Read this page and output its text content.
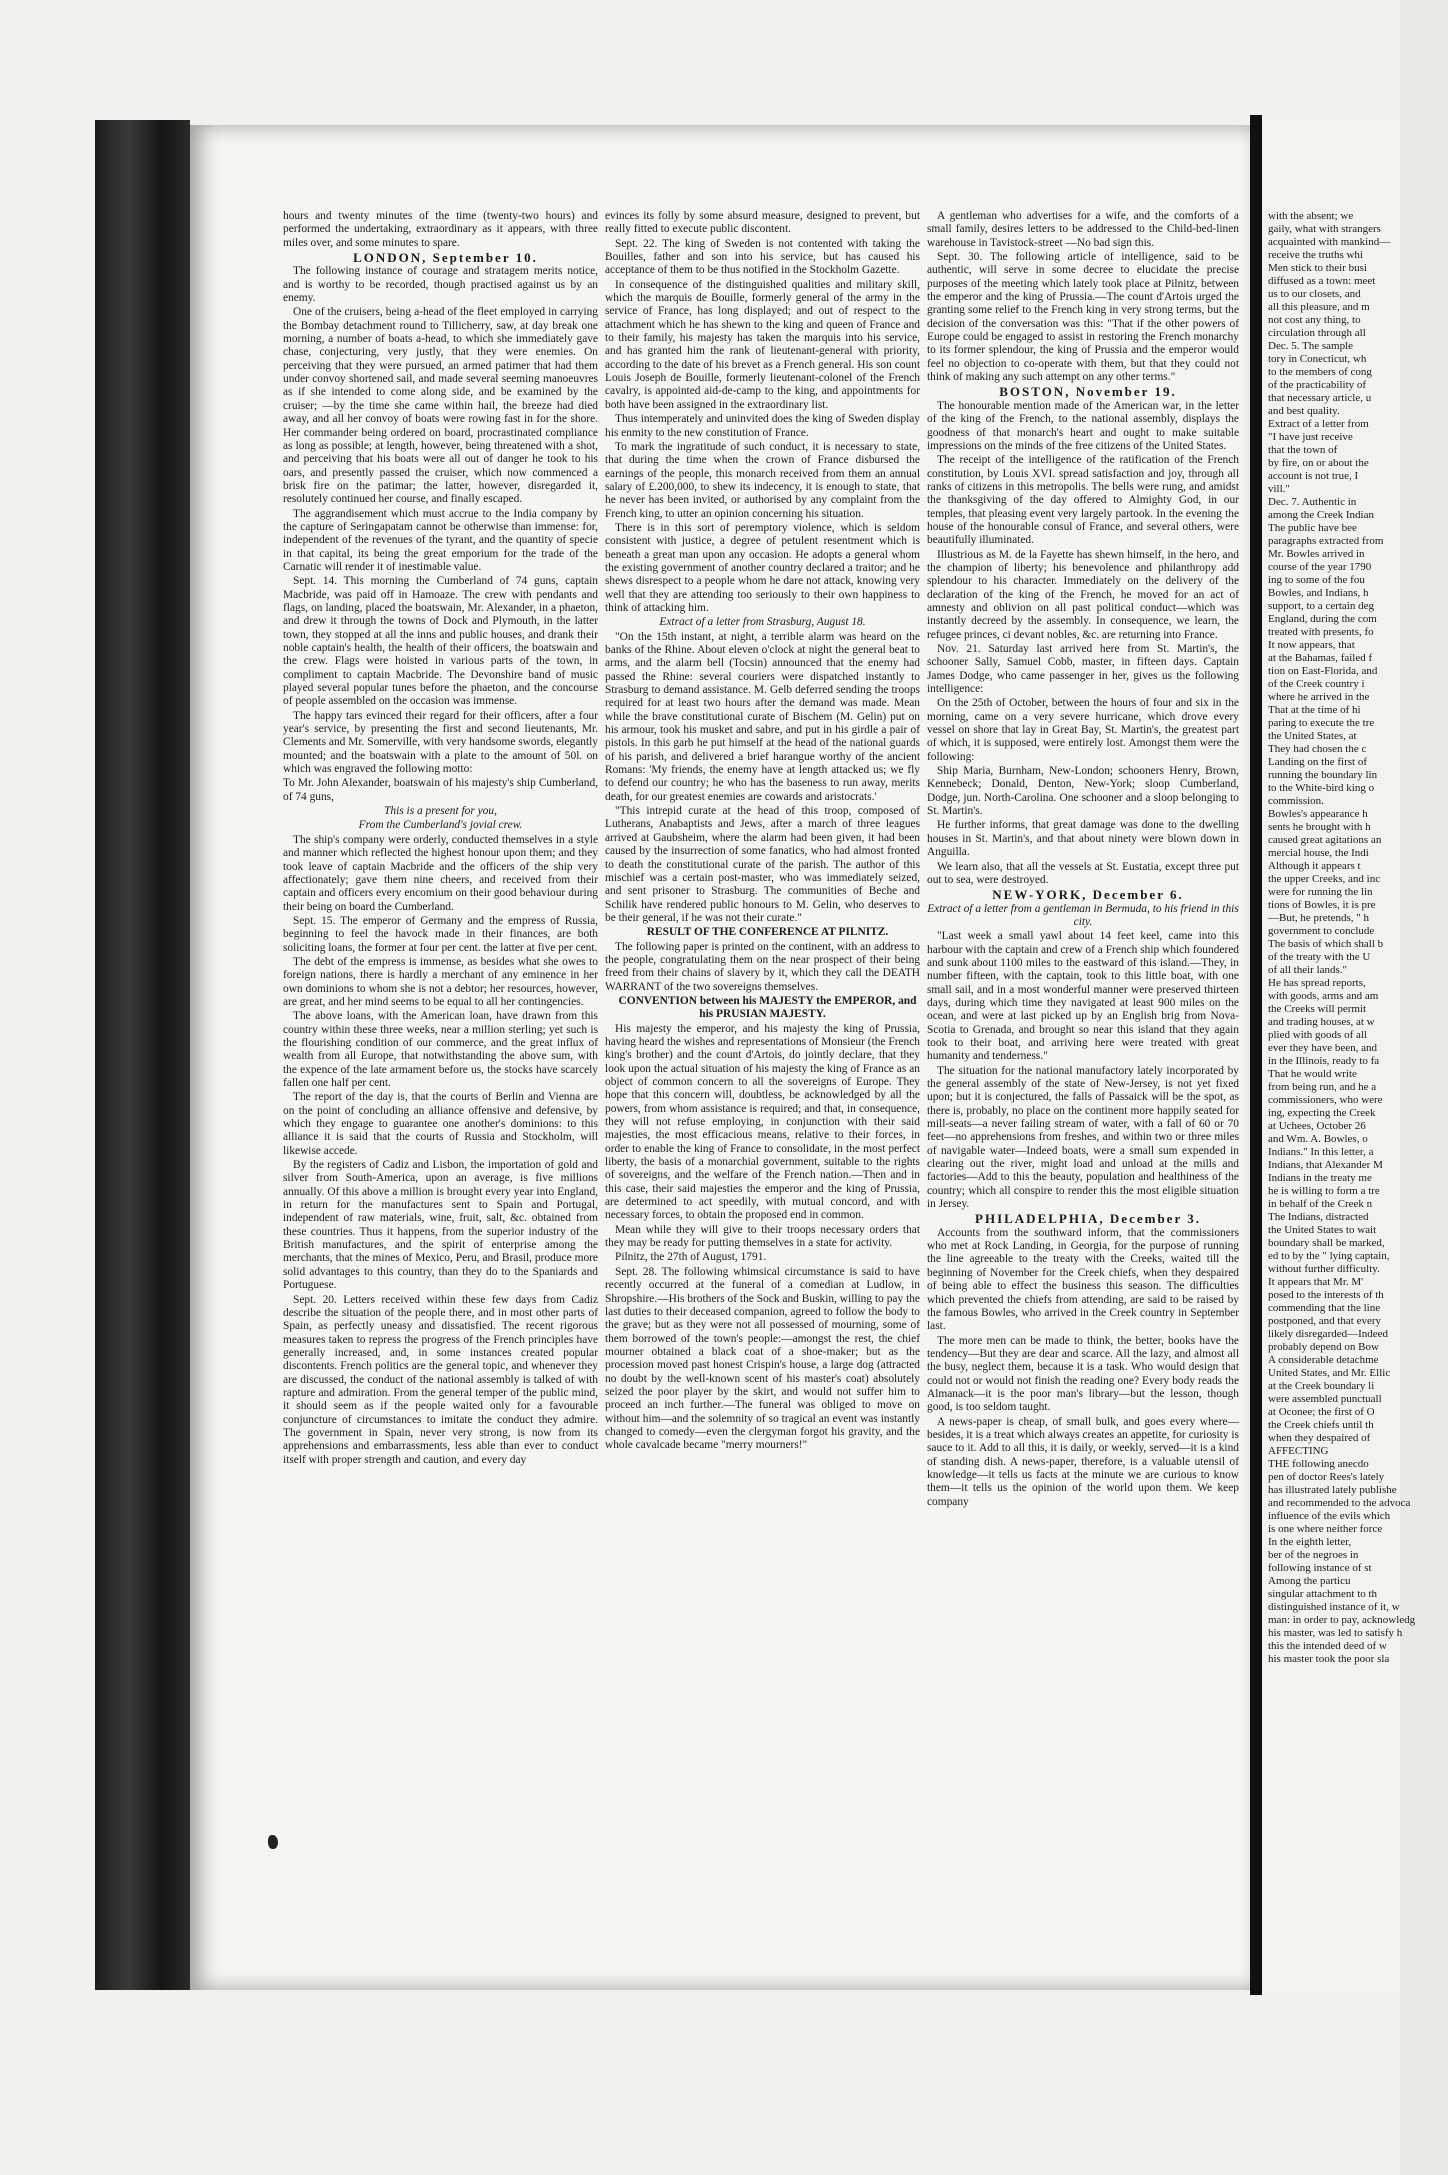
hours and twenty minutes of the time (twenty-two hours) and performed the undertaking, extraordinary as it appears, with three miles over, and some minutes to spare.

LONDON, September 10.

The following instance of courage and stratagem merits notice, and is worthy to be recorded, though practised against us by an enemy.

One of the cruisers, being a-head of the fleet employed in carrying the Bombay detachment round to Tillicherry, saw, at day break one morning, a number of boats a-head, to which she immediately gave chase, conjecturing, very justly, that they were enemies. On perceiving that they were pursued, an armed patimer that had them under convoy shortened sail, and made several seeming manoeuvres as if she intended to come along side, and be examined by the cruiser; —by the time she came within hail, the breeze had died away, and all her convoy of boats were rowing fast in for the shore. Her commander being ordered on board, procrastinated compliance as long as possible; at length, however, being threatened with a shot, and perceiving that his boats were all out of danger he took to his oars, and presently passed the cruiser, which now commenced a brisk fire on the patimar; the latter, however, disregarded it, resolutely continued her course, and finally escaped.

The aggrandisement which must accrue to the India company by the capture of Seringapatam cannot be otherwise than immense: for, independent of the revenues of the tyrant, and the quantity of specie in that capital, its being the great emporium for the trade of the Carnatic will render it of inestimable value.

Sept. 14. This morning the Cumberland of 74 guns, captain Macbride, was paid off in Hamoaze. The crew with pendants and flags, on landing, placed the boatswain, Mr. Alexander, in a phaeton, and drew it through the towns of Dock and Plymouth, in the latter town, they stopped at all the inns and public houses, and drank their noble captain's health, the health of their officers, the boatswain and the crew. Flags were hoisted in various parts of the town, in compliment to captain Macbride. The Devonshire band of music played several popular tunes before the phaeton, and the concourse of people assembled on the occasion was immense.

The happy tars evinced their regard for their officers, after a four year's service, by presenting the first and second lieutenants, Mr. Clements and Mr. Somerville, with very handsome swords, elegantly mounted; and the boatswain with a plate to the amount of 50l. on which was engraved the following motto:

To Mr. John Alexander, boatswain of his majesty's ship Cumberland, of 74 guns,

This is a present for you,

From the Cumberland's jovial crew.

The ship's company were orderly, conducted themselves in a style and manner which reflected the highest honour upon them; and they took leave of captain Macbride and the officers of the ship very affectionately; gave them nine cheers, and received from their captain and officers every encomium on their good behaviour during their being on board the Cumberland.

Sept. 15. The emperor of Germany and the empress of Russia, beginning to feel the havock made in their finances, are both soliciting loans, the former at four per cent. the latter at five per cent.

The debt of the empress is immense, as besides what she owes to foreign nations, there is hardly a merchant of any eminence in her own dominions to whom she is not a debtor; her resources, however, are great, and her mind seems to be equal to all her contingencies.

The above loans, with the American loan, have drawn from this country within these three weeks, near a million sterling; yet such is the flourishing condition of our commerce, and the great influx of wealth from all Europe, that notwithstanding the above sum, with the expence of the late armament before us, the stocks have scarcely fallen one half per cent.

The report of the day is, that the courts of Berlin and Vienna are on the point of concluding an alliance offensive and defensive, by which they engage to guarantee one another's dominions: to this alliance it is said that the courts of Russia and Stockholm, will likewise accede.

By the registers of Cadiz and Lisbon, the importation of gold and silver from South-America, upon an average, is five millions annually. Of this above a million is brought every year into England, in return for the manufactures sent to Spain and Portugal, independent of raw materials, wine, fruit, salt, &c. obtained from these countries. Thus it happens, from the superior industry of the British manufactures, and the spirit of enterprise among the merchants, that the mines of Mexico, Peru, and Brasil, produce more solid advantages to this country, than they do to the Spaniards and Portuguese.

Sept. 20. Letters received within these few days from Cadiz describe the situation of the people there, and in most other parts of Spain, as perfectly uneasy and dissatisfied. The recent rigorous measures taken to repress the progress of the French principles have generally increased, and, in some instances created popular discontents. French politics are the general topic, and whenever they are discussed, the conduct of the national assembly is talked of with rapture and admiration. From the general temper of the public mind, it should seem as if the people waited only for a favourable conjuncture of circumstances to imitate the conduct they admire. The government in Spain, never very strong, is now from its apprehensions and embarrassments, less able than ever to conduct itself with proper strength and caution, and every day

evinces its folly by some absurd measure, designed to prevent, but really fitted to execute public discontent.

Sept. 22. The king of Sweden is not contented with taking the Bouilles, father and son into his service, but has caused his acceptance of them to be thus notified in the Stockholm Gazette.

In consequence of the distinguished qualities and military skill, which the marquis de Bouille, formerly general of the army in the service of France, has long displayed; and out of respect to the attachment which he has shewn to the king and queen of France and to their family, his majesty has taken the marquis into his service, and has granted him the rank of lieutenant-general with priority, according to the date of his brevet as a French general. His son count Louis Joseph de Bouille, formerly lieutenant-colonel of the French cavalry, is appointed aid-de-camp to the king, and appointments for both have been assigned in the extraordinary list.

Thus intemperately and uninvited does the king of Sweden display his enmity to the new constitution of France.

To mark the ingratitude of such conduct, it is necessary to state, that during the time when the crown of France disbursed the earnings of the people, this monarch received from them an annual salary of £.200,000, to shew its indecency, it is enough to state, that he never has been invited, or authorised by any complaint from the French king, to utter an opinion concerning his situation.

There is in this sort of peremptory violence, which is seldom consistent with justice, a degree of petulent resentment which is beneath a great man upon any occasion. He adopts a general whom the existing government of another country declared a traitor; and he shews disrespect to a people whom he dare not attack, knowing very well that they are attending too seriously to their own happiness to think of attacking him.

Extract of a letter from Strasburg, August 18.

"On the 15th instant, at night, a terrible alarm was heard on the banks of the Rhine. About eleven o'clock at night the general beat to arms, and the alarm bell (Tocsin) announced that the enemy had passed the Rhine: several couriers were dispatched instantly to Strasburg to demand assistance. M. Gelb deferred sending the troops required for at least two hours after the demand was made. Mean while the brave constitutional curate of Bischem (M. Gelin) put on his armour, took his musket and sabre, and put in his girdle a pair of pistols. In this garb he put himself at the head of the national guards of his parish, and delivered a brief harangue worthy of the ancient Romans: 'My friends, the enemy have at length attacked us; we fly to defend our country; he who has the baseness to run away, merits death, for our greatest enemies are cowards and aristocrats.'

"This intrepid curate at the head of this troop, composed of Lutherans, Anabaptists and Jews, after a march of three leagues arrived at Gaubsheim, where the alarm had been given, it had been caused by the insurrection of some fanatics, who had almost fronted to death the constitutional curate of the parish. The author of this mischief was a certain post-master, who was immediately seized, and sent prisoner to Strasburg. The communities of Beche and Schilik have rendered public honours to M. Gelin, who deserves to be their general, if he was not their curate."

RESULT OF THE CONFERENCE AT PILNITZ.

The following paper is printed on the continent, with an address to the people, congratulating them on the near prospect of their being freed from their chains of slavery by it, which they call the DEATH WARRANT of the two sovereigns themselves.

CONVENTION between his MAJESTY the EMPEROR, and his PRUSIAN MAJESTY.

His majesty the emperor, and his majesty the king of Prussia, having heard the wishes and representations of Monsieur (the French king's brother) and the count d'Artois, do jointly declare, that they look upon the actual situation of his majesty the king of France as an object of common concern to all the sovereigns of Europe. They hope that this concern will, doubtless, be acknowledged by all the powers, from whom assistance is required; and that, in consequence, they will not refuse employing, in conjunction with their said majesties, the most efficacious means, relative to their forces, in order to enable the king of France to consolidate, in the most perfect liberty, the basis of a monarchial government, suitable to the rights of sovereigns, and the welfare of the French nation.—Then and in this case, their said majesties the emperor and the king of Prussia, are determined to act speedily, with mutual concord, and with necessary forces, to obtain the proposed end in common.

Mean while they will give to their troops necessary orders that they may be ready for putting themselves in a state for activity.

Pilnitz, the 27th of August, 1791.

Sept. 28. The following whimsical circumstance is said to have recently occurred at the funeral of a comedian at Ludlow, in Shropshire.—His brothers of the Sock and Buskin, willing to pay the last duties to their deceased companion, agreed to follow the body to the grave; but as they were not all possessed of mourning, some of them borrowed of the town's people:—amongst the rest, the chief mourner obtained a black coat of a shoe-maker; but as the procession moved past honest Crispin's house, a large dog (attracted no doubt by the well-known scent of his master's coat) absolutely seized the poor player by the skirt, and would not suffer him to proceed an inch further.—The funeral was obliged to move on without him—and the solemnity of so tragical an event was instantly changed to comedy—even the clergyman forgot his gravity, and the whole cavalcade became "merry mourners!"

A gentleman who advertises for a wife, and the comforts of a small family, desires letters to be addressed to the Child-bed-linen warehouse in Tavistock-street —No bad sign this.

Sept. 30. The following article of intelligence, said to be authentic, will serve in some decree to elucidate the precise purposes of the meeting which lately took place at Pilnitz, between the emperor and the king of Prussia.—The count d'Artois urged the granting some relief to the French king in very strong terms, but the decision of the conversation was this: "That if the other powers of Europe could be engaged to assist in restoring the French monarchy to its former splendour, the king of Prussia and the emperor would feel no objection to co-operate with them, but that they could not think of making any such attempt on any other terms."

BOSTON, November 19.

The honourable mention made of the American war, in the letter of the king of the French, to the national assembly, displays the goodness of that monarch's heart and ought to make suitable impressions on the minds of the free citizens of the United States.

The receipt of the intelligence of the ratification of the French constitution, by Louis XVI. spread satisfaction and joy, through all ranks of citizens in this metropolis. The bells were rung, and amidst the thanksgiving of the day offered to Almighty God, in our temples, that pleasing event very largely partook. In the evening the house of the honourable consul of France, and several others, were beautifully illuminated.

Illustrious as M. de la Fayette has shewn himself, in the hero, and the champion of liberty; his benevolence and philanthropy add splendour to his character. Immediately on the delivery of the declaration of the king of the French, he moved for an act of amnesty and oblivion on all past political conduct—which was instantly decreed by the assembly. In consequence, we learn, the refugee princes, ci devant nobles, &c. are returning into France.

Nov. 21. Saturday last arrived here from St. Martin's, the schooner Sally, Samuel Cobb, master, in fifteen days. Captain James Dodge, who came passenger in her, gives us the following intelligence:

On the 25th of October, between the hours of four and six in the morning, came on a very severe hurricane, which drove every vessel on shore that lay in Great Bay, St. Martin's, the greatest part of which, it is supposed, were entirely lost. Amongst them were the following:

Ship Maria, Burnham, New-London; schooners Henry, Brown, Kennebeck; Donald, Denton, New-York; sloop Cumberland, Dodge, jun. North-Carolina. One schooner and a sloop belonging to St. Martin's.

He further informs, that great damage was done to the dwelling houses in St. Martin's, and that about ninety were blown down in Anguilla.

We learn also, that all the vessels at St. Eustatia, except three put out to sea, were destroyed.

NEW-YORK, December 6.

Extract of a letter from a gentleman in Bermuda, to his friend in this city.

"Last week a small yawl about 14 feet keel, came into this harbour with the captain and crew of a French ship which foundered and sunk about 1100 miles to the eastward of this island.—They, in number fifteen, with the captain, took to this little boat, with one small sail, and in a most wonderful manner were preserved thirteen days, during which time they navigated at least 900 miles on the ocean, and were at last picked up by an English brig from Nova-Scotia to Grenada, and brought so near this island that they again took to their boat, and arriving here were treated with great humanity and tenderness."

The situation for the national manufactory lately incorporated by the general assembly of the state of New-Jersey, is not yet fixed upon; but it is conjectured, the falls of Passaick will be the spot, as there is, probably, no place on the continent more happily seated for mill-seats—a never failing stream of water, with a fall of 60 or 70 feet—no apprehensions from freshes, and within two or three miles of navigable water—Indeed boats, were a small sum expended in clearing out the river, might load and unload at the mills and factories—Add to this the beauty, population and healthiness of the country; which all conspire to render this the most eligible situation in Jersey.

PHILADELPHIA, December 3.

Accounts from the southward inform, that the commissioners who met at Rock Landing, in Georgia, for the purpose of running the line agreeable to the treaty with the Creeks, waited till the beginning of November for the Creek chiefs, when they despaired of being able to effect the business this season. The difficulties which prevented the chiefs from attending, are said to be raised by the famous Bowles, who arrived in the Creek country in September last.

The more men can be made to think, the better, books have the tendency—But they are dear and scarce. All the lazy, and almost all the busy, neglect them, because it is a task. Who would design that could not or would not finish the reading one? Every body reads the Almanack—it is the poor man's library—but the lesson, though good, is too seldom taught.

A news-paper is cheap, of small bulk, and goes every where—besides, it is a treat which always creates an appetite, for curiosity is sauce to it. Add to all this, it is daily, or weekly, served—it is a kind of standing dish. A news-paper, therefore, is a valuable utensil of knowledge—it tells us facts at the minute we are curious to know them—it tells us the opinion of the world upon them. We keep company

with the absent; we
gaily, what with strangers
acquainted with mankind—
receive the truths whi
Men stick to their busi
diffused as a town: meet
us to our closets, and
all this pleasure, and m
not cost any thing, to
circulation through all
Dec. 5. The sample
tory in Conecticut, wh
to the members of cong
of the practicability of
that necessary article, u
and best quality.
Extract of a letter from
"I have just receive
that the town of
by fire, on or about the
account is not true, I
vill."
Dec. 7. Authentic in
among the Creek Indian
The public have bee
paragraphs extracted from
Mr. Bowles arrived in
course of the year 1790
ing to some of the fou
Bowles, and Indians, h
support, to a certain deg
England, during the com
treated with presents, fo
It now appears, that
at the Bahamas, failed f
tion on East-Florida, and
of the Creek country i
where he arrived in the
That at the time of hi
paring to execute the tre
the United States, at
They had chosen the c
Landing on the first of
running the boundary lin
to the White-bird king o
commission.
Bowles's appearance h
sents he brought with h
caused great agitations an
mercial house, the Indi
Although it appears t
the upper Creeks, and inc
were for running the lin
tions of Bowles, it is pre
—But, he pretends, " h
government to conclude
The basis of which shall b
of the treaty with the U
of all their lands."
He has spread reports,
with goods, arms and am
the Creeks will permit
and trading houses, at w
plied with goods of all
ever they have been, and
in the Illinois, ready to fa
That he would write
from being run, and he a
commissioners, who were
ing, expecting the Creek
at Uchees, October 26
and Wm. A. Bowles, o
Indians." In this letter, a
Indians, that Alexander M
Indians in the treaty me
he is willing to form a tre
in behalf of the Creek n
The Indians, distracted
the United States to wait
boundary shall be marked,
ed to by the " lying captain,
without further difficulty.
It appears that Mr. M'
posed to the interests of th
commending that the line
postponed, and that every
likely disregarded—Indeed
probably depend on Bow
A considerable detachme
United States, and Mr. Ellic
at the Creek boundary li
were assembled punctuall
at Oconee; the first of O
the Creek chiefs until th
when they despaired of
AFFECTING
THE following anecdo
pen of doctor Rees's lately
has illustrated lately publishe
and recommended to the advoca
influence of the evils which
is one where neither force
In the eighth letter,
ber of the negroes in
following instance of st
Among the particu
singular attachment to th
distinguished instance of it, w
man: in order to pay, acknowledg
his master, was led to satisfy h
this the intended deed of w
his master took the poor sla
